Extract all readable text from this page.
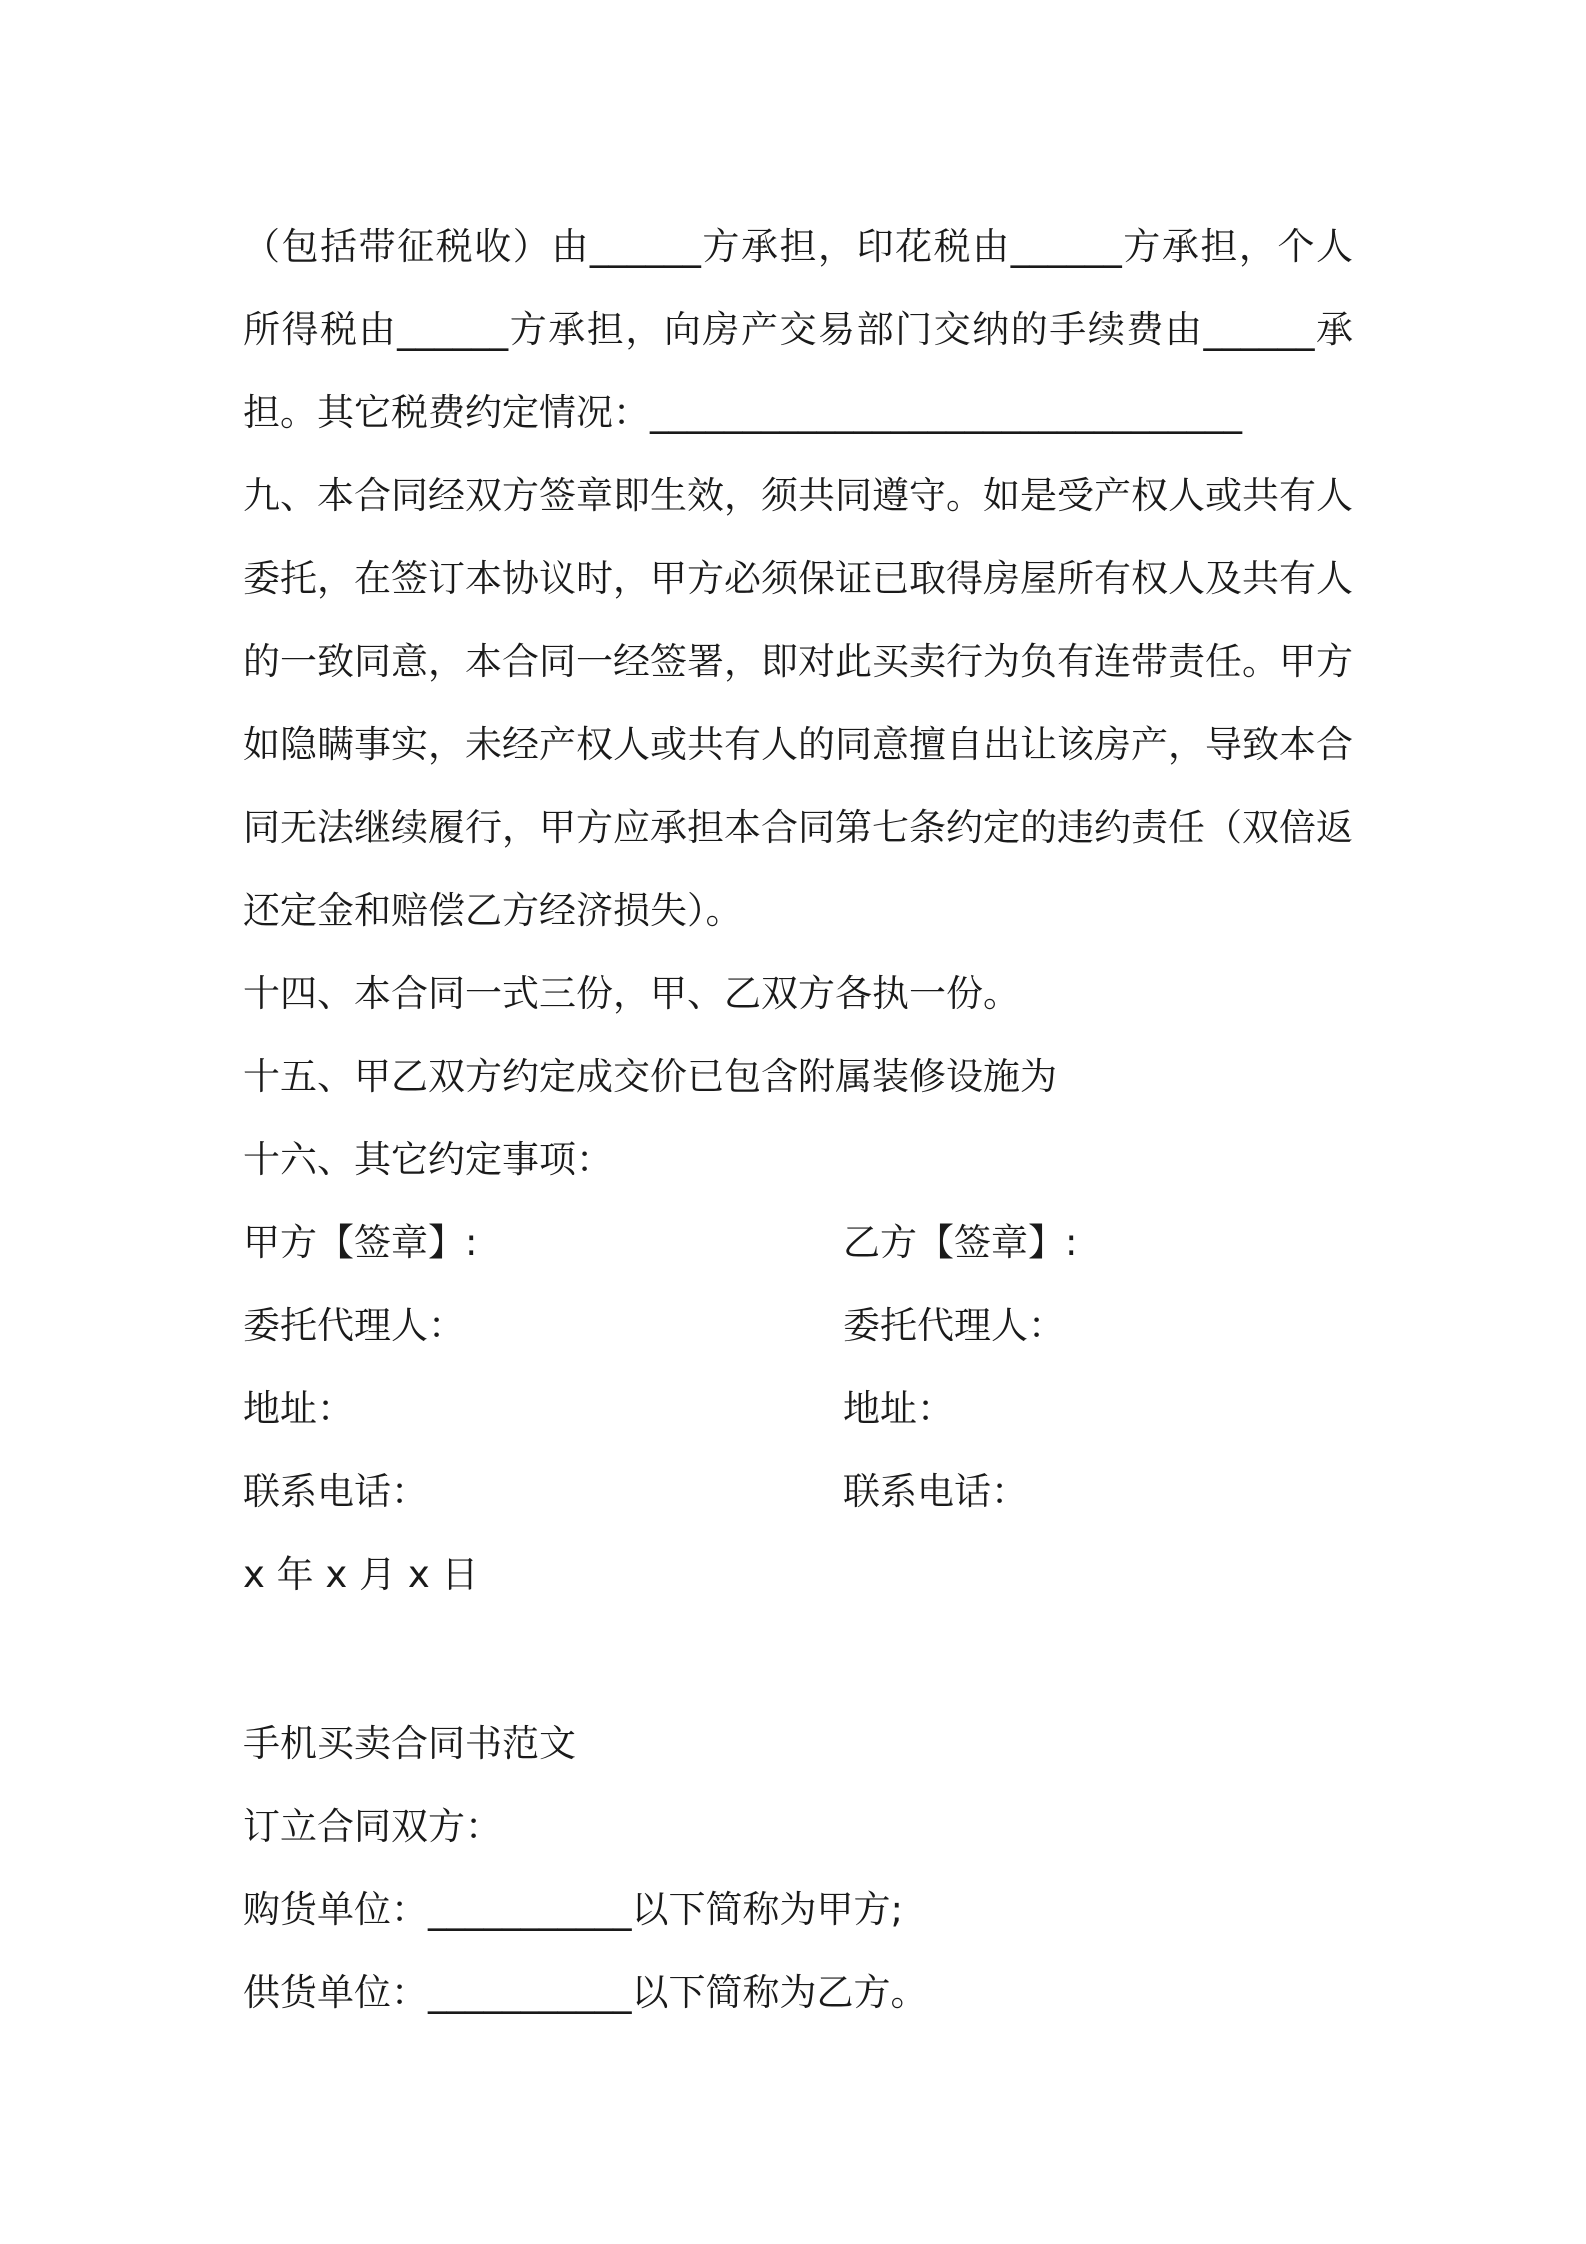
（包括带征税收）由______方承担，印花税由______方承担，个人
所得税由______方承担，向房产交易部门交纳的手续费由______承
担。其它税费约定情况：________________________________
九、本合同经双方签章即生效，须共同遵守。如是受产权人或共有人
委托，在签订本协议时，甲方必须保证已取得房屋所有权人及共有人
的一致同意，本合同一经签署，即对此买卖行为负有连带责任。甲方
如隐瞒事实，未经产权人或共有人的同意擅自出让该房产，导致本合
同无法继续履行，甲方应承担本合同第七条约定的违约责任（双倍返
还定金和赔偿乙方经济损失）。
十四、本合同一式三份，甲、乙双方各执一份。
十五、甲乙双方约定成交价已包含附属装修设施为
十六、其它约定事项：
甲方【签章】:	乙方【签章】:
委托代理人：	委托代理人：
地址：	地址：
联系电话：	联系电话：
x 年 x 月 x 日
手机买卖合同书范文
订立合同双方：
购货单位：___________以下简称为甲方;
供货单位：___________以下简称为乙方。
